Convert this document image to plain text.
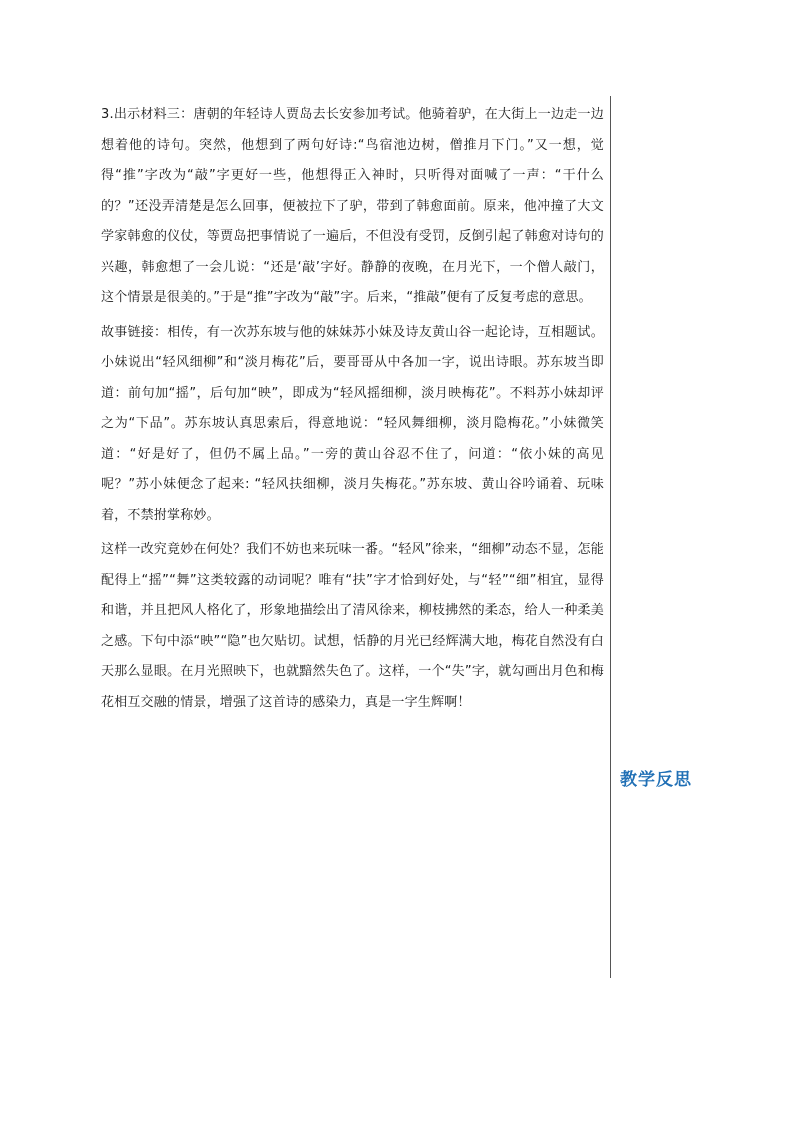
3.出示材料三：唐朝的年轻诗人贾岛去长安参加考试。他骑着驴，在大街上一边走一边想着他的诗句。突然，他想到了两句好诗:“鸟宿池边树，僧推月下门。”又一想，觉得“推”字改为“敲”字更好一些，他想得正入神时，只听得对面喊了一声：“干什么的？”还没弄清楚是怎么回事，便被拉下了驴，带到了韩愈面前。原来，他冲撞了大文学家韩愈的仪仗，等贾岛把事情说了一遍后，不但没有受罚，反倒引起了韩愈对诗句的兴趣，韩愈想了一会儿说：“还是‘敲’字好。静静的夜晚，在月光下，一个僧人敲门，这个情景是很美的。”于是“推”字改为“敲”字。后来，“推敲”便有了反复考虑的意思。

故事链接：相传，有一次苏东坡与他的妹妹苏小妹及诗友黄山谷一起论诗，互相题试。小妹说出“轻风细柳”和“淡月梅花”后，要哥哥从中各加一字，说出诗眼。苏东坡当即道：前句加“摇”，后句加“映”，即成为“轻风摇细柳，淡月映梅花”。不料苏小妹却评之为“下品”。苏东坡认真思索后，得意地说：“轻风舞细柳，淡月隐梅花。”小妹微笑道：“好是好了，但仍不属上品。”一旁的黄山谷忍不住了，问道：“依小妹的高见呢？”苏小妹便念了起来: “轻风扶细柳，淡月失梅花。”苏东坡、黄山谷吟诵着、玩味着，不禁拊掌称妙。

这样一改究竟妙在何处？我们不妨也来玩味一番。“轻风”徐来，“细柳”动态不显，怎能配得上“摇”“舞”这类较露的动词呢？唯有“扶”字才恰到好处，与“轻”“细”相宜，显得和谐，并且把风人格化了，形象地描绘出了清风徐来，柳枝拂然的柔态，给人一种柔美之感。下句中添“映”“隐”也欠贴切。试想，恬静的月光已经辉满大地，梅花自然没有白天那么显眼。在月光照映下，也就黯然失色了。这样，一个“失”字，就勾画出月色和梅花相互交融的情景，增强了这首诗的感染力，真是一字生辉啊！

教学反思
